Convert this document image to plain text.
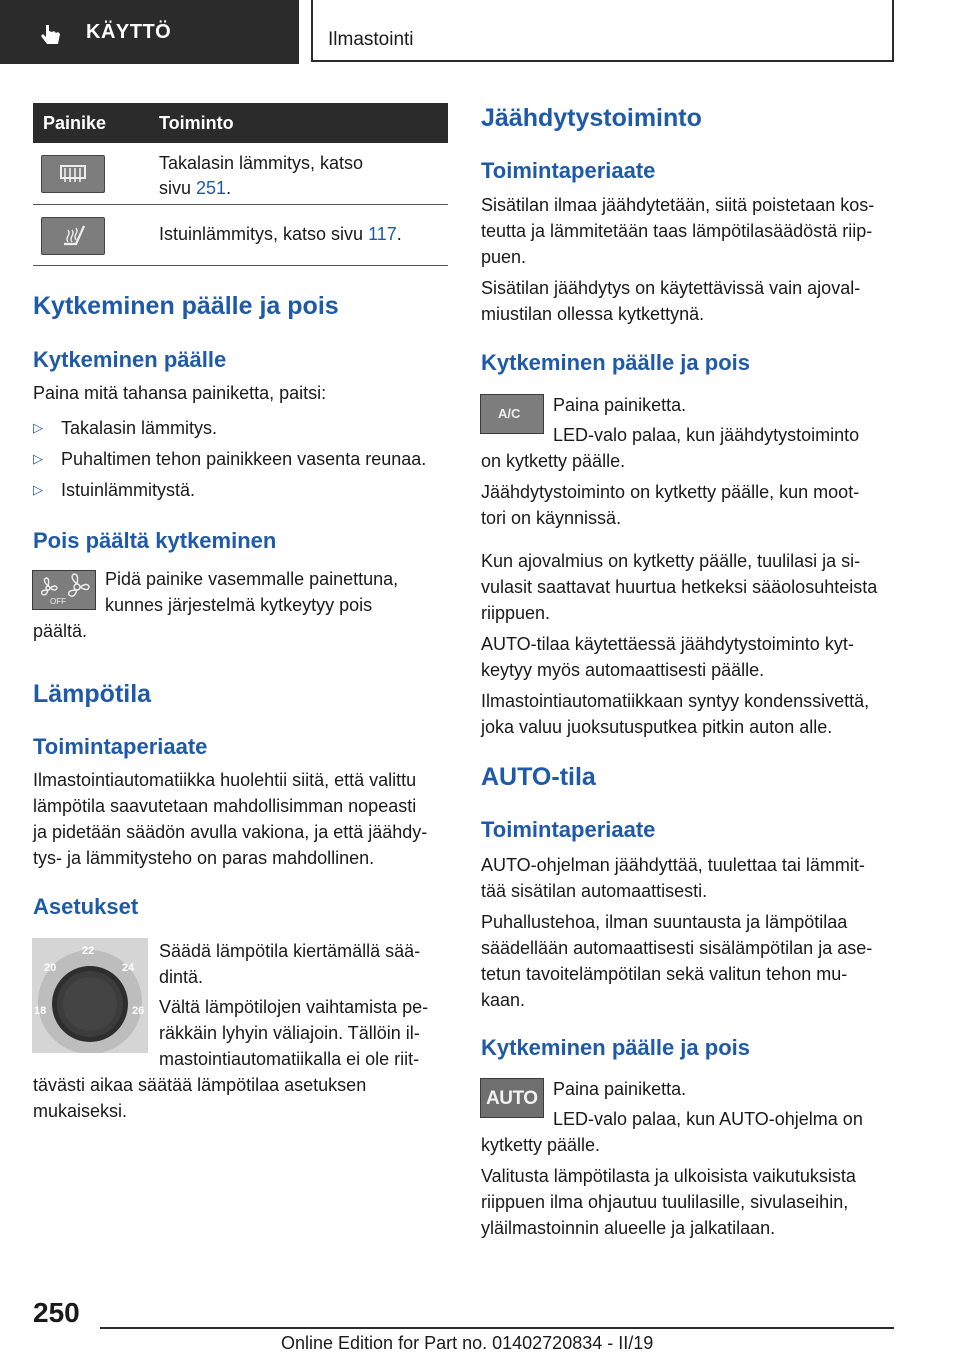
KÄYTTÖ	Ilmastointi
Painike	Toiminto

	Takalasin lämmitys, katso
sivu 251.

	Istuinlämmitys, katso sivu 117.
Kytkeminen päälle ja pois
Kytkeminen päälle
Paina mitä tahansa painiketta, paitsi:
▷ Takalasin lämmitys.
▷ Puhaltimen tehon painikkeen vasenta reunaa.
▷ Istuinlämmitystä.
Pois päältä kytkeminen
OFF
Pidä painike vasemmalle painettuna,
kunnes järjestelmä kytkeytyy pois
päältä.
Lämpötila
Toimintaperiaate
Ilmastointiautomatiikka huolehtii siitä, että valittu
lämpötila saavutetaan mahdollisimman nopeasti
ja pidetään säädön avulla vakiona, ja että jäähdy-
tys- ja lämmitysteho on paras mahdollinen.
Asetukset
22
20	24
18	26
Säädä lämpötila kiertämällä sää-
dintä.
Vältä lämpötilojen vaihtamista pe-
räkkäin lyhyin väliajoin. Tällöin il-
mastointiautomatiikalla ei ole riit-
tävästi aikaa säätää lämpötilaa asetuksen
mukaiseksi.
Jäähdytystoiminto
Toimintaperiaate
Sisätilan ilmaa jäähdytetään, siitä poistetaan kos-
teutta ja lämmitetään taas lämpötilasäädöstä riip-
puen.
Sisätilan jäähdytys on käytettävissä vain ajoval-
miustilan ollessa kytkettynä.
Kytkeminen päälle ja pois
A/C Paina painiketta.
LED-valo palaa, kun jäähdytystoiminto
on kytketty päälle.
Jäähdytystoiminto on kytketty päälle, kun moot-
tori on käynnissä.
Kun ajovalmius on kytketty päälle, tuulilasi ja si-
vulasit saattavat huurtua hetkeksi sääolosuhteista
riippuen.
AUTO-tilaa käytettäessä jäähdytystoiminto kyt-
keytyy myös automaattisesti päälle.
Ilmastointiautomatiikkaan syntyy kondenssivettä,
joka valuu juoksutusputkea pitkin auton alle.
AUTO-tila
Toimintaperiaate
AUTO-ohjelman jäähdyttää, tuulettaa tai lämmit-
tää sisätilan automaattisesti.
Puhallustehoa, ilman suuntausta ja lämpötilaa
säädellään automaattisesti sisälämpötilan ja ase-
tetun tavoitelämpötilan sekä valitun tehon mu-
kaan.
Kytkeminen päälle ja pois
AUTO Paina painiketta.
LED-valo palaa, kun AUTO-ohjelma on
kytketty päälle.
Valitusta lämpötilasta ja ulkoisista vaikutuksista
riippuen ilma ohjautuu tuulilasille, sivulaseihin,
yläilmastoinnin alueelle ja jalkatilaan.
250
Online Edition for Part no. 01402720834 - II/19
